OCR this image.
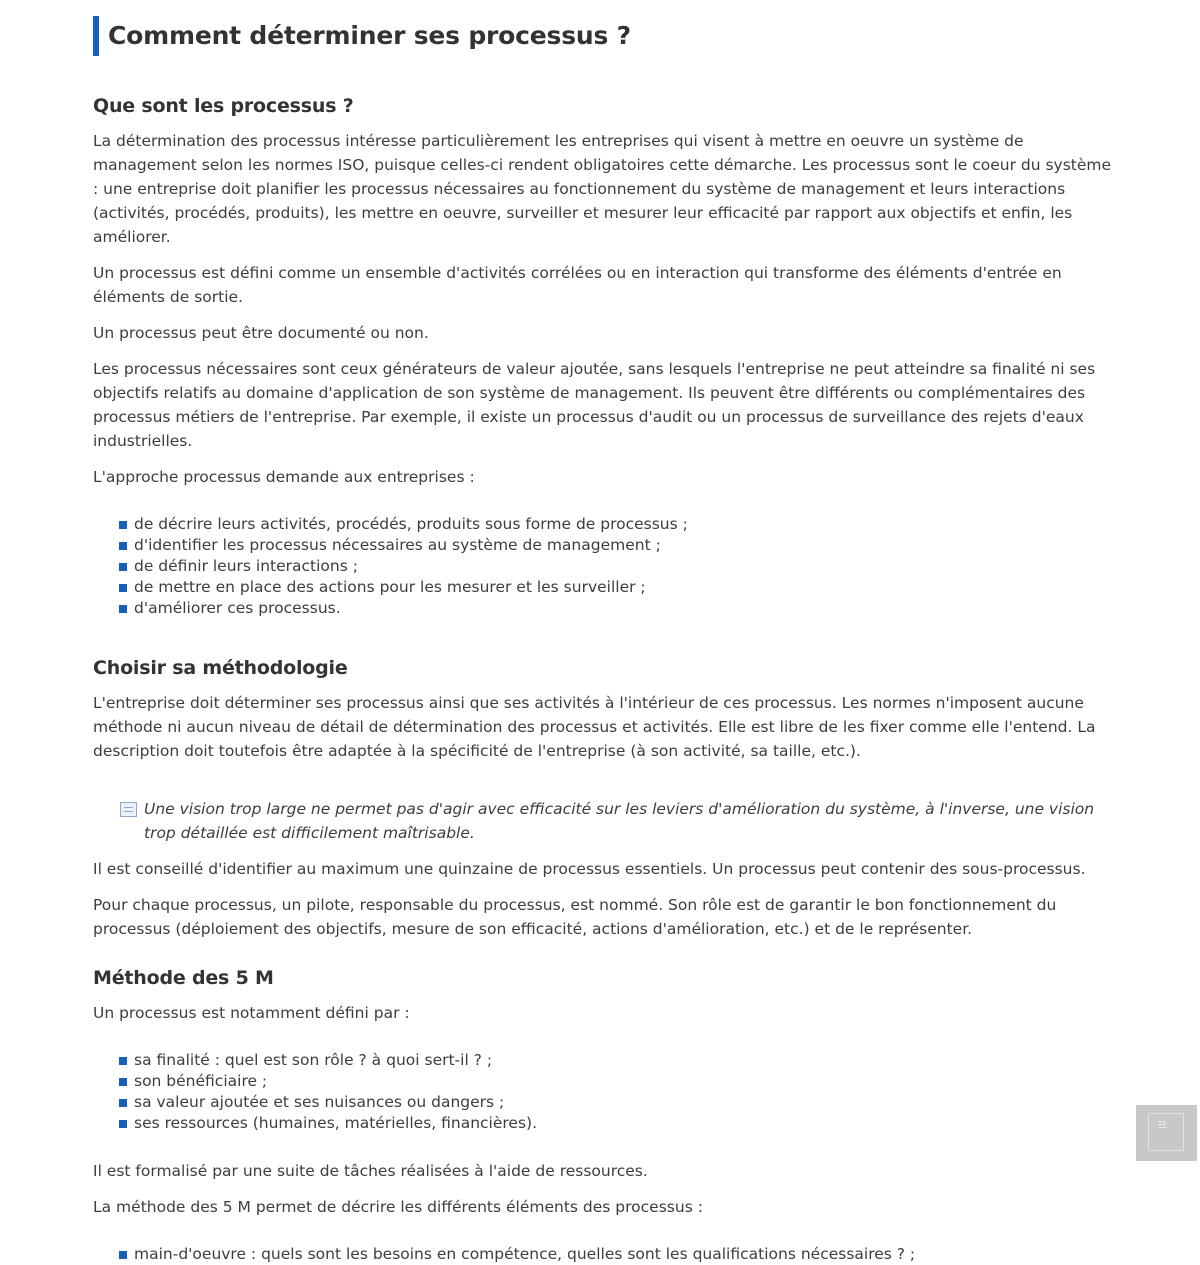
Comment déterminer ses processus ?
Que sont les processus ?

La détermination des processus intéresse particulièrement les entreprises qui visent à mettre en oeuvre un système de management selon les normes ISO, puisque celles-ci rendent obligatoires cette démarche. Les processus sont le coeur du système : une entreprise doit planifier les processus nécessaires au fonctionnement du système de management et leurs interactions (activités, procédés, produits), les mettre en oeuvre, surveiller et mesurer leur efficacité par rapport aux objectifs et enfin, les améliorer.

Un processus est défini comme un ensemble d'activités corrélées ou en interaction qui transforme des éléments d'entrée en éléments de sortie.

Un processus peut être documenté ou non.

Les processus nécessaires sont ceux générateurs de valeur ajoutée, sans lesquels l'entreprise ne peut atteindre sa finalité ni ses objectifs relatifs au domaine d'application de son système de management. Ils peuvent être différents ou complémentaires des processus métiers de l'entreprise. Par exemple, il existe un processus d'audit ou un processus de surveillance des rejets d'eaux industrielles.

L'approche processus demande aux entreprises :

de décrire leurs activités, procédés, produits sous forme de processus ;
d'identifier les processus nécessaires au système de management ;
de définir leurs interactions ;
de mettre en place des actions pour les mesurer et les surveiller ;
d'améliorer ces processus.
Choisir sa méthodologie

L'entreprise doit déterminer ses processus ainsi que ses activités à l'intérieur de ces processus. Les normes n'imposent aucune méthode ni aucun niveau de détail de détermination des processus et activités. Elle est libre de les fixer comme elle l'entend. La description doit toutefois être adaptée à la spécificité de l'entreprise (à son activité, sa taille, etc.).

Une vision trop large ne permet pas d'agir avec efficacité sur les leviers d'amélioration du système, à l'inverse, une vision trop détaillée est difficilement maîtrisable.

Il est conseillé d'identifier au maximum une quinzaine de processus essentiels. Un processus peut contenir des sous-processus.

Pour chaque processus, un pilote, responsable du processus, est nommé. Son rôle est de garantir le bon fonctionnement du processus (déploiement des objectifs, mesure de son efficacité, actions d'amélioration, etc.) et de le représenter.

Méthode des 5 M

Un processus est notamment défini par :

sa finalité : quel est son rôle ? à quoi sert-il ? ;
son bénéficiaire ;
sa valeur ajoutée et ses nuisances ou dangers ;
ses ressources (humaines, matérielles, financières).

Il est formalisé par une suite de tâches réalisées à l'aide de ressources.

La méthode des 5 M permet de décrire les différents éléments des processus :

main-d'oeuvre : quels sont les besoins en compétence, quelles sont les qualifications nécessaires ? ;
☷
